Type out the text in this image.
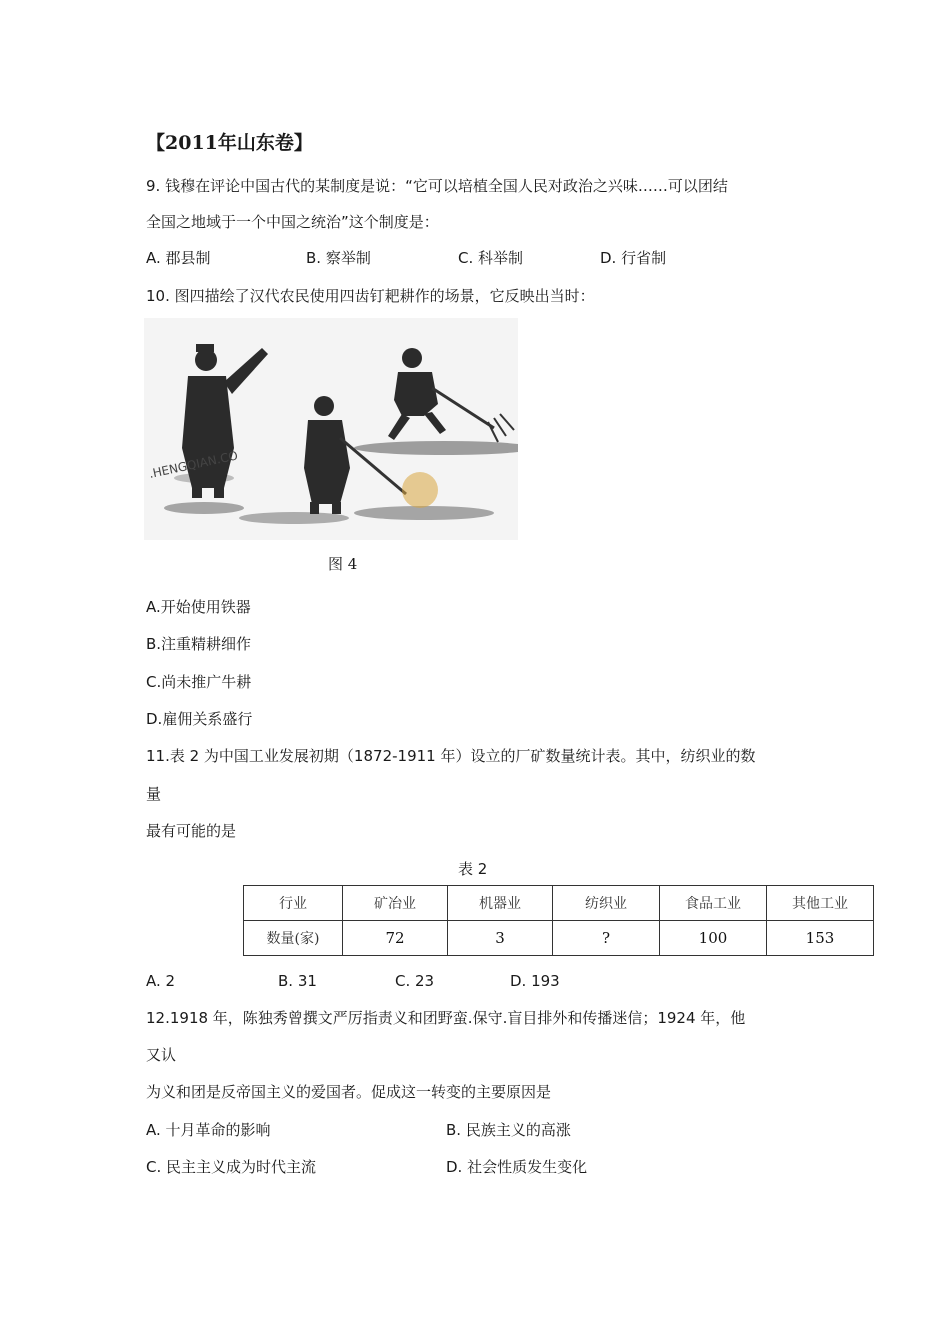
【2011年山东卷】
9. 钱穆在评论中国古代的某制度是说：“它可以培植全国人民对政治之兴味……可以团结
全国之地域于一个中国之统治”这个制度是：
A. 郡县制	B. 察举制	C. 科举制	D. 行省制
10. 图四描绘了汉代农民使用四齿钉耙耕作的场景，它反映出当时：
.HENGQIAN.CO
图 4
A.开始使用铁器
B.注重精耕细作
C.尚未推广牛耕
D.雇佣关系盛行
11.表 2 为中国工业发展初期（1872-1911 年）设立的厂矿数量统计表。其中，纺织业的数
量
最有可能的是
表 2
行业	矿冶业	机器业	纺织业	食品工业	其他工业
数量(家)	72	3	?	100	153
A. 2	B. 31	C. 23	D. 193
12.1918 年，陈独秀曾撰文严厉指责义和团野蛮.保守.盲目排外和传播迷信；1924 年，他
又认
为义和团是反帝国主义的爱国者。促成这一转变的主要原因是
A. 十月革命的影响	B. 民族主义的高涨
C. 民主主义成为时代主流	D. 社会性质发生变化
